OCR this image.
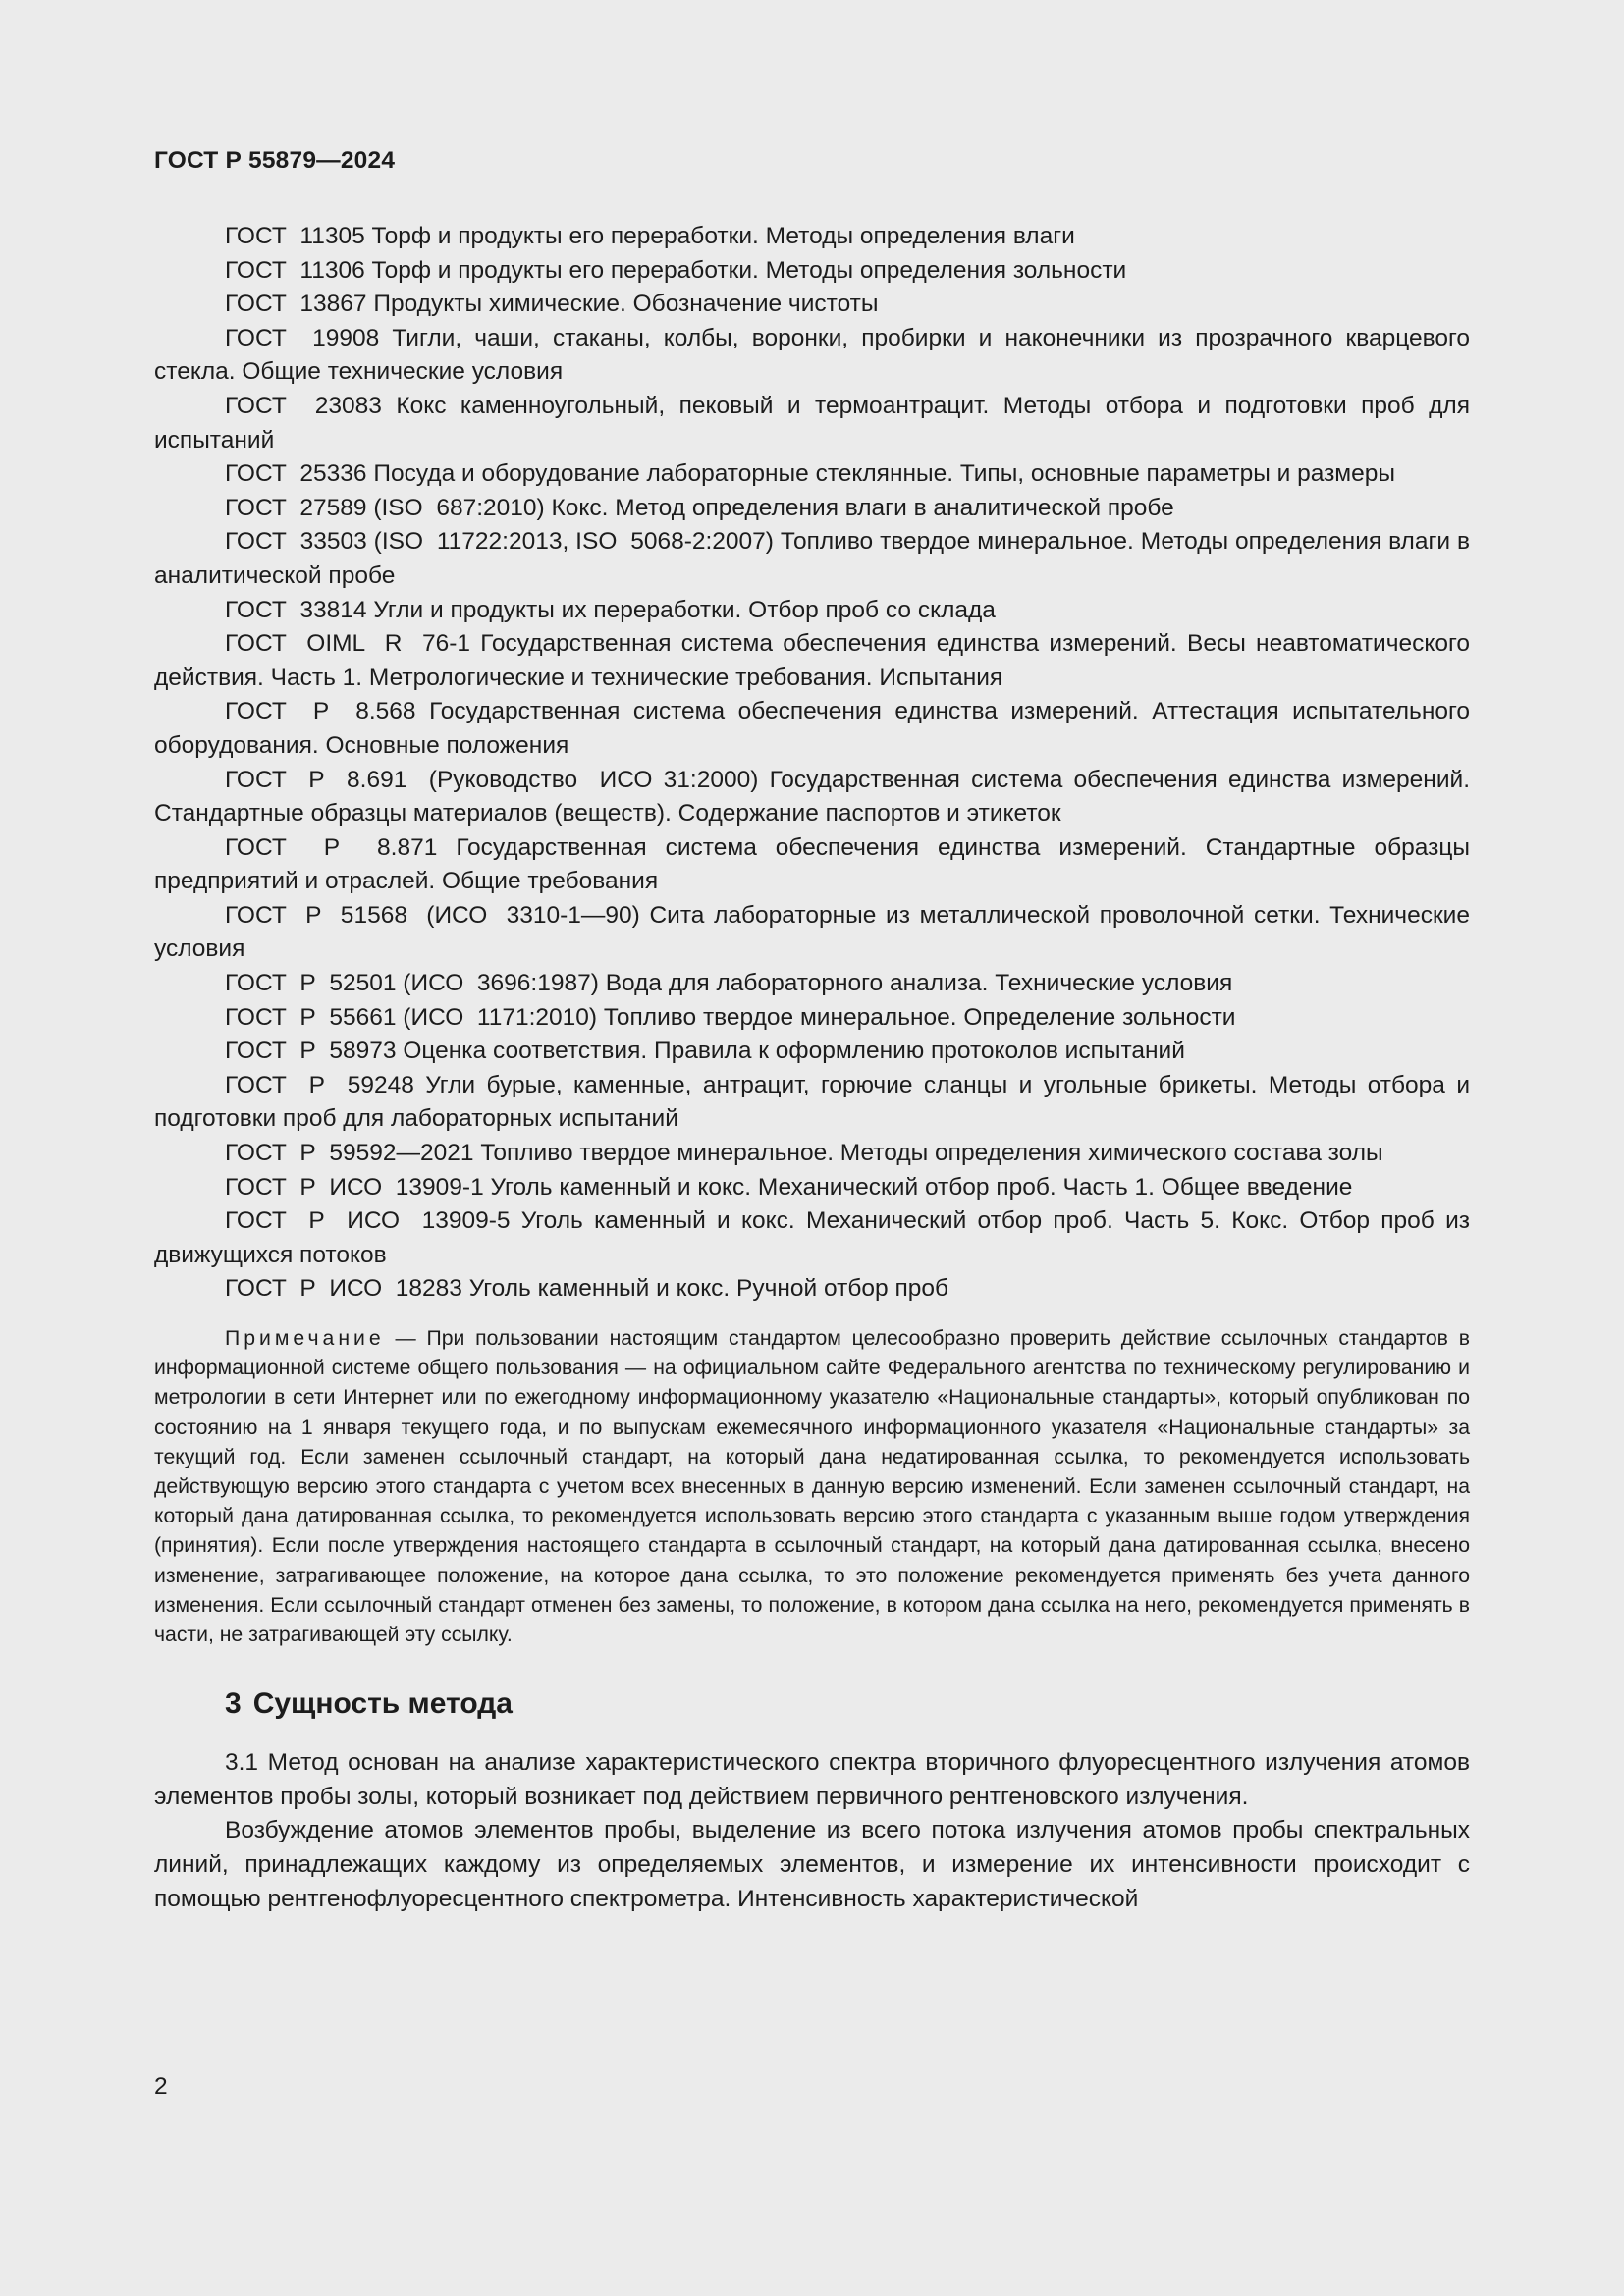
ГОСТ Р 55879—2024

ГОСТ  11305 Торф и продукты его переработки. Методы определения влаги

ГОСТ  11306 Торф и продукты его переработки. Методы определения зольности

ГОСТ  13867 Продукты химические. Обозначение чистоты

ГОСТ  19908 Тигли, чаши, стаканы, колбы, воронки, пробирки и наконечники из прозрачного кварцевого стекла. Общие технические условия

ГОСТ  23083 Кокс каменноугольный, пековый и термоантрацит. Методы отбора и подготовки проб для испытаний

ГОСТ  25336 Посуда и оборудование лабораторные стеклянные. Типы, основные параметры и размеры

ГОСТ  27589 (ISO  687:2010) Кокс. Метод определения влаги в аналитической пробе

ГОСТ  33503 (ISO  11722:2013, ISO  5068-2:2007) Топливо твердое минеральное. Методы определения влаги в аналитической пробе

ГОСТ  33814 Угли и продукты их переработки. Отбор проб со склада

ГОСТ  OIML  R  76-1 Государственная система обеспечения единства измерений. Весы неавтоматического действия. Часть 1. Метрологические и технические требования. Испытания

ГОСТ  Р  8.568 Государственная система обеспечения единства измерений. Аттестация испытательного оборудования. Основные положения

ГОСТ  Р  8.691  (Руководство  ИСО 31:2000) Государственная система обеспечения единства измерений. Стандартные образцы материалов (веществ). Содержание паспортов и этикеток

ГОСТ  Р  8.871 Государственная система обеспечения единства измерений. Стандартные образцы предприятий и отраслей. Общие требования

ГОСТ  Р  51568  (ИСО  3310-1—90) Сита лабораторные из металлической проволочной сетки. Технические условия

ГОСТ  Р  52501 (ИСО  3696:1987) Вода для лабораторного анализа. Технические условия

ГОСТ  Р  55661 (ИСО  1171:2010) Топливо твердое минеральное. Определение зольности

ГОСТ  Р  58973 Оценка соответствия. Правила к оформлению протоколов испытаний

ГОСТ  Р  59248 Угли бурые, каменные, антрацит, горючие сланцы и угольные брикеты. Методы отбора и подготовки проб для лабораторных испытаний

ГОСТ  Р  59592—2021 Топливо твердое минеральное. Методы определения химического состава золы

ГОСТ  Р  ИСО  13909-1 Уголь каменный и кокс. Механический отбор проб. Часть 1. Общее введение

ГОСТ  Р  ИСО  13909-5 Уголь каменный и кокс. Механический отбор проб. Часть 5. Кокс. Отбор проб из движущихся потоков

ГОСТ  Р  ИСО  18283 Уголь каменный и кокс. Ручной отбор проб

Примечание — При пользовании настоящим стандартом целесообразно проверить действие ссылочных стандартов в информационной системе общего пользования — на официальном сайте Федерального агентства по техническому регулированию и метрологии в сети Интернет или по ежегодному информационному указателю «Национальные стандарты», который опубликован по состоянию на 1 января текущего года, и по выпускам ежемесячного информационного указателя «Национальные стандарты» за текущий год. Если заменен ссылочный стандарт, на который дана недатированная ссылка, то рекомендуется использовать действующую версию этого стандарта с учетом всех внесенных в данную версию изменений. Если заменен ссылочный стандарт, на который дана датированная ссылка, то рекомендуется использовать версию этого стандарта с указанным выше годом утверждения (принятия). Если после утверждения настоящего стандарта в ссылочный стандарт, на который дана датированная ссылка, внесено изменение, затрагивающее положение, на которое дана ссылка, то это положение рекомендуется применять без учета данного изменения. Если ссылочный стандарт отменен без замены, то положение, в котором дана ссылка на него, рекомендуется применять в части, не затрагивающей эту ссылку.

3 Сущность метода

3.1 Метод основан на анализе характеристического спектра вторичного флуоресцентного излучения атомов элементов пробы золы, который возникает под действием первичного рентгеновского излучения.

Возбуждение атомов элементов пробы, выделение из всего потока излучения атомов пробы спектральных линий, принадлежащих каждому из определяемых элементов, и измерение их интенсивности происходит с помощью рентгенофлуоресцентного спектрометра. Интенсивность характеристической

2
